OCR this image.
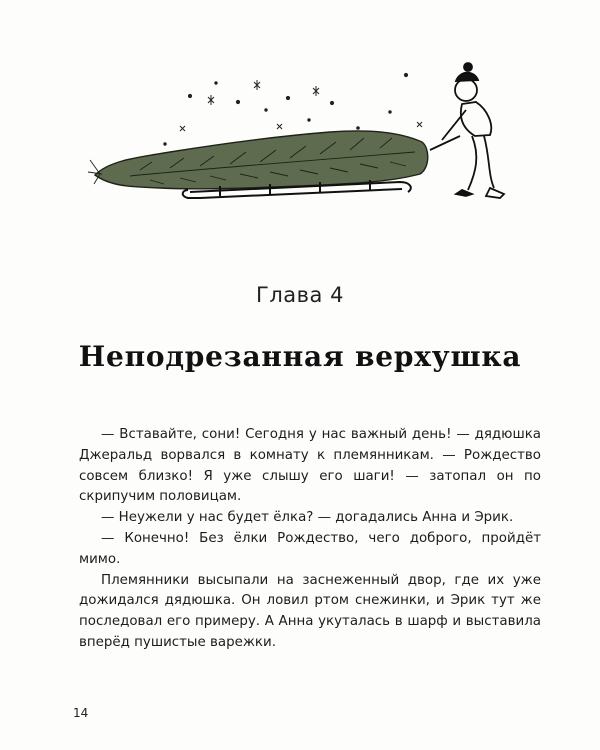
Глава 4
Неподрезанная верхушка

— Вставайте, сони! Сегодня у нас важный день! — дядюшка Джеральд ворвался в комнату к племянникам. — Рождество совсем близко! Я уже слышу его шаги! — затопал он по скрипучим половицам.

— Неужели у нас будет ёлка? — догадались Анна и Эрик.

— Конечно! Без ёлки Рождество, чего доброго, пройдёт мимо.

Племянники высыпали на заснеженный двор, где их уже дожидался дядюшка. Он ловил ртом снежинки, и Эрик тут же последовал его примеру. А Анна укуталась в шарф и выставила вперёд пушистые варежки.

14
